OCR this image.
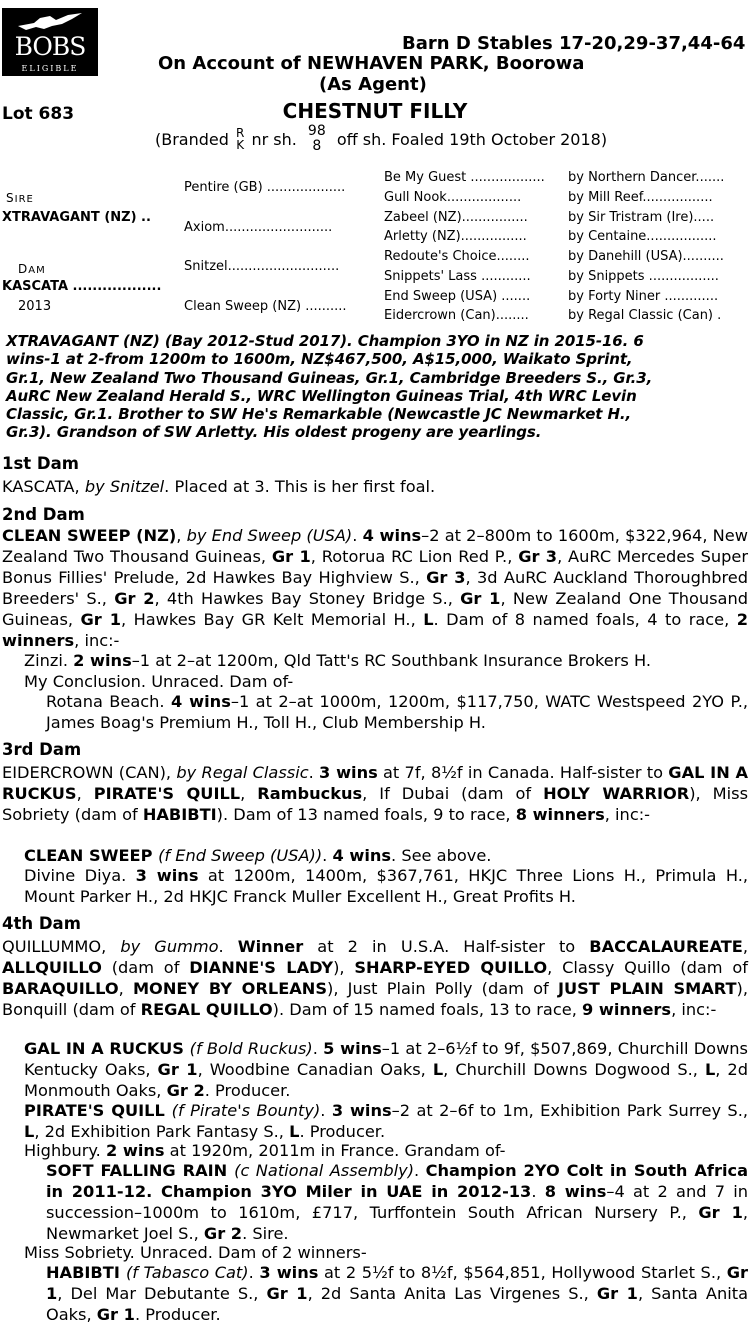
BOBS
ELIGIBLE
Barn D Stables 17-20,29-37,44-64
On Account of NEWHAVEN PARK, Boorowa
(As Agent)
Lot 683	CHESTNUT FILLY
(Branded R
K nr sh. 98
8 off sh. Foaled 19th October 2018)
SIRE
XTRAVAGANT (NZ) ..
DAM
KASCATA ..................
2013
Pentire (GB) ...................
Axiom..........................
Snitzel...........................
Clean Sweep (NZ) ..........
Be My Guest ..................
Gull Nook..................
Zabeel (NZ)................
Arletty (NZ)................
Redoute's Choice........
Snippets' Lass ............
End Sweep (USA) .......
Eidercrown (Can)........
by Northern Dancer.......
by Mill Reef.................
by Sir Tristram (Ire).....
by Centaine.................
by Danehill (USA)..........
by Snippets .................
by Forty Niner .............
by Regal Classic (Can) .
XTRAVAGANT (NZ) (Bay 2012-Stud 2017). Champion 3YO in NZ in 2015-16. 6
wins-1 at 2-from 1200m to 1600m, NZ$467,500, A$15,000, Waikato Sprint,
Gr.1, New Zealand Two Thousand Guineas, Gr.1, Cambridge Breeders S., Gr.3,
AuRC New Zealand Herald S., WRC Wellington Guineas Trial, 4th WRC Levin
Classic, Gr.1. Brother to SW He's Remarkable (Newcastle JC Newmarket H.,
Gr.3). Grandson of SW Arletty. His oldest progeny are yearlings.
1st Dam
KASCATA, by Snitzel. Placed at 3. This is her first foal.
2nd Dam
CLEAN SWEEP (NZ), by End Sweep (USA). 4 wins–2 at 2–800m to 1600m, $322,964, New Zealand Two Thousand Guineas, Gr 1, Rotorua RC Lion Red P., Gr 3, AuRC Mercedes Super Bonus Fillies' Prelude, 2d Hawkes Bay Highview S., Gr 3, 3d AuRC Auckland Thoroughbred Breeders' S., Gr 2, 4th Hawkes Bay Stoney Bridge S., Gr 1, New Zealand One Thousand Guineas, Gr 1, Hawkes Bay GR Kelt Memorial H., L. Dam of 8 named foals, 4 to race, 2 winners, inc:-
Zinzi. 2 wins–1 at 2–at 1200m, Qld Tatt's RC Southbank Insurance Brokers H.
My Conclusion. Unraced. Dam of-
Rotana Beach. 4 wins–1 at 2–at 1000m, 1200m, $117,750, WATC Westspeed 2YO P., James Boag's Premium H., Toll H., Club Membership H.
3rd Dam
EIDERCROWN (CAN), by Regal Classic. 3 wins at 7f, 8½f in Canada. Half-sister to GAL IN A RUCKUS, PIRATE'S QUILL, Rambuckus, If Dubai (dam of HOLY WARRIOR), Miss Sobriety (dam of HABIBTI). Dam of 13 named foals, 9 to race, 8 winners, inc:-
CLEAN SWEEP (f End Sweep (USA)). 4 wins. See above.
Divine Diya. 3 wins at 1200m, 1400m, $367,761, HKJC Three Lions H., Primula H., Mount Parker H., 2d HKJC Franck Muller Excellent H., Great Profits H.
4th Dam
QUILLUMMO, by Gummo. Winner at 2 in U.S.A. Half-sister to BACCALAUREATE, ALLQUILLO (dam of DIANNE'S LADY), SHARP-EYED QUILLO, Classy Quillo (dam of BARAQUILLO, MONEY BY ORLEANS), Just Plain Polly (dam of JUST PLAIN SMART), Bonquill (dam of REGAL QUILLO). Dam of 15 named foals, 13 to race, 9 winners, inc:-
GAL IN A RUCKUS (f Bold Ruckus). 5 wins–1 at 2–6½f to 9f, $507,869, Churchill Downs Kentucky Oaks, Gr 1, Woodbine Canadian Oaks, L, Churchill Downs Dogwood S., L, 2d Monmouth Oaks, Gr 2. Producer.
PIRATE'S QUILL (f Pirate's Bounty). 3 wins–2 at 2–6f to 1m, Exhibition Park Surrey S., L, 2d Exhibition Park Fantasy S., L. Producer.
Highbury. 2 wins at 1920m, 2011m in France. Grandam of-
SOFT FALLING RAIN (c National Assembly). Champion 2YO Colt in South Africa in 2011-12. Champion 3YO Miler in UAE in 2012-13. 8 wins–4 at 2 and 7 in succession–1000m to 1610m, £717, Turffontein South African Nursery P., Gr 1, Newmarket Joel S., Gr 2. Sire.
Miss Sobriety. Unraced. Dam of 2 winners-
HABIBTI (f Tabasco Cat). 3 wins at 2 5½f to 8½f, $564,851, Hollywood Starlet S., Gr 1, Del Mar Debutante S., Gr 1, 2d Santa Anita Las Virgenes S., Gr 1, Santa Anita Oaks, Gr 1. Producer.
